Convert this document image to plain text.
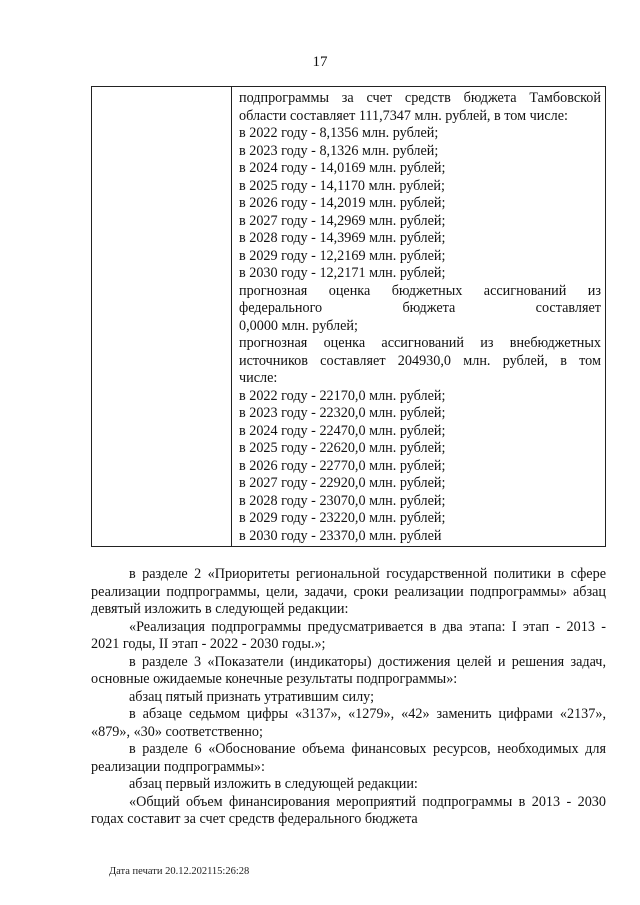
17
подпрограммы за счет средств бюджета Тамбовской
области составляет 111,7347 млн. рублей, в том числе:
в 2022 году - 8,1356 млн. рублей;
в 2023 году - 8,1326 млн. рублей;
в 2024 году - 14,0169 млн. рублей;
в 2025 году - 14,1170 млн. рублей;
в 2026 году - 14,2019 млн. рублей;
в 2027 году - 14,2969 млн. рублей;
в 2028 году - 14,3969 млн. рублей;
в 2029 году - 12,2169 млн. рублей;
в 2030 году - 12,2171 млн. рублей;
прогнозная оценка бюджетных ассигнований из
федерального бюджета составляет
0,0000 млн. рублей;
прогнозная оценка ассигнований из внебюджетных
источников составляет 204930,0 млн. рублей, в том
числе:
в 2022 году - 22170,0 млн. рублей;
в 2023 году - 22320,0 млн. рублей;
в 2024 году - 22470,0 млн. рублей;
в 2025 году - 22620,0 млн. рублей;
в 2026 году - 22770,0 млн. рублей;
в 2027 году - 22920,0 млн. рублей;
в 2028 году - 23070,0 млн. рублей;
в 2029 году - 23220,0 млн. рублей;
в 2030 году - 23370,0 млн. рублей

в разделе 2 «Приоритеты региональной государственной политики в сфере реализации подпрограммы, цели, задачи, сроки реализации подпрограммы» абзац девятый изложить в следующей редакции:

«Реализация подпрограммы предусматривается в два этапа: I этап - 2013 - 2021 годы, II этап - 2022 - 2030 годы.»;

в разделе 3 «Показатели (индикаторы) достижения целей и решения задач, основные ожидаемые конечные результаты подпрограммы»:

абзац пятый признать утратившим силу;

в абзаце седьмом цифры «3137», «1279», «42» заменить цифрами «2137», «879», «30» соответственно;

в разделе 6 «Обоснование объема финансовых ресурсов, необходимых для реализации подпрограммы»:

абзац первый изложить в следующей редакции:

«Общий объем финансирования мероприятий подпрограммы в 2013 - 2030 годах составит за счет средств федерального бюджета

Дата печати 20.12.202115:26:28
